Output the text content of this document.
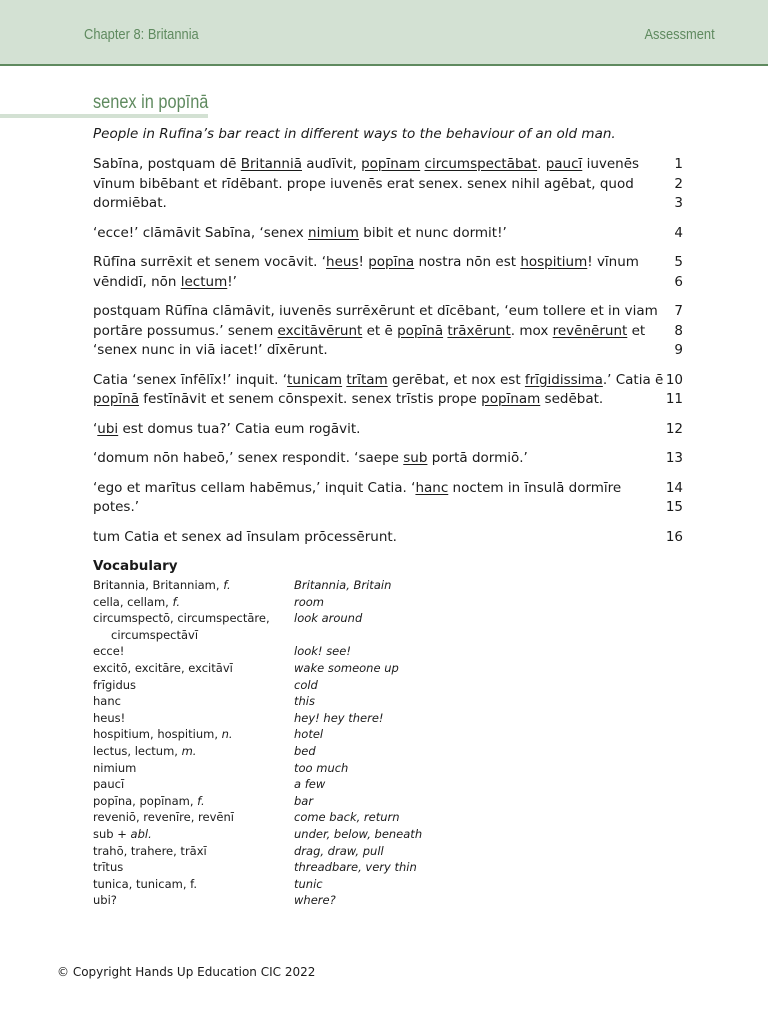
Chapter 8: Britannia	Assessment
senex in popīnā
People in Rufina’s bar react in different ways to the behaviour of an old man.
Sabīna, postquam dē Britanniā audīvit, popīnam circumspectābat. paucī iuvenēs
vīnum bibēbant et rīdēbant. prope iuvenēs erat senex. senex nihil agēbat, quod
dormiēbat.
1
2
3
‘ecce!’ clāmāvit Sabīna, ‘senex nimium bibit et nunc dormit!’	4
Rūfīna surrēxit et senem vocāvit. ‘heus! popīna nostra nōn est hospitium! vīnum
vēndidī, nōn lectum!’
5
6
postquam Rūfīna clāmāvit, iuvenēs surrēxērunt et dīcēbant, ‘eum tollere et in viam
portāre possumus.’ senem excitāvērunt et ē popīnā trāxērunt. mox revēnērunt et
‘senex nunc in viā iacet!’ dīxērunt.
7
8
9
Catia ‘senex īnfēlīx!’ inquit. ‘tunicam trītam gerēbat, et nox est frīgidissima.’ Catia ē
popīnā festīnāvit et senem cōnspexit. senex trīstis prope popīnam sedēbat.
10
11
‘ubi est domus tua?’ Catia eum rogāvit.	12
‘domum nōn habeō,’ senex respondit. ‘saepe sub portā dormiō.’	13
‘ego et marītus cellam habēmus,’ inquit Catia. ‘hanc noctem in īnsulā dormīre
potes.’
14
15
tum Catia et senex ad īnsulam prōcessērunt.	16
Vocabulary
Britannia, Britanniam, f.	Britannia, Britain
cella, cellam, f.	room
circumspectō, circumspectāre,	look around
circumspectāvī
ecce!	look! see!
excitō, excitāre, excitāvī	wake someone up
frīgidus	cold
hanc	this
heus!	hey! hey there!
hospitium, hospitium, n.	hotel
lectus, lectum, m.	bed
nimium	too much
paucī	a few
popīna, popīnam, f.	bar
reveniō, revenīre, revēnī	come back, return
sub + abl.	under, below, beneath
trahō, trahere, trāxī	drag, draw, pull
trītus	threadbare, very thin
tunica, tunicam, f.	tunic
ubi?	where?
© Copyright Hands Up Education CIC 2022
